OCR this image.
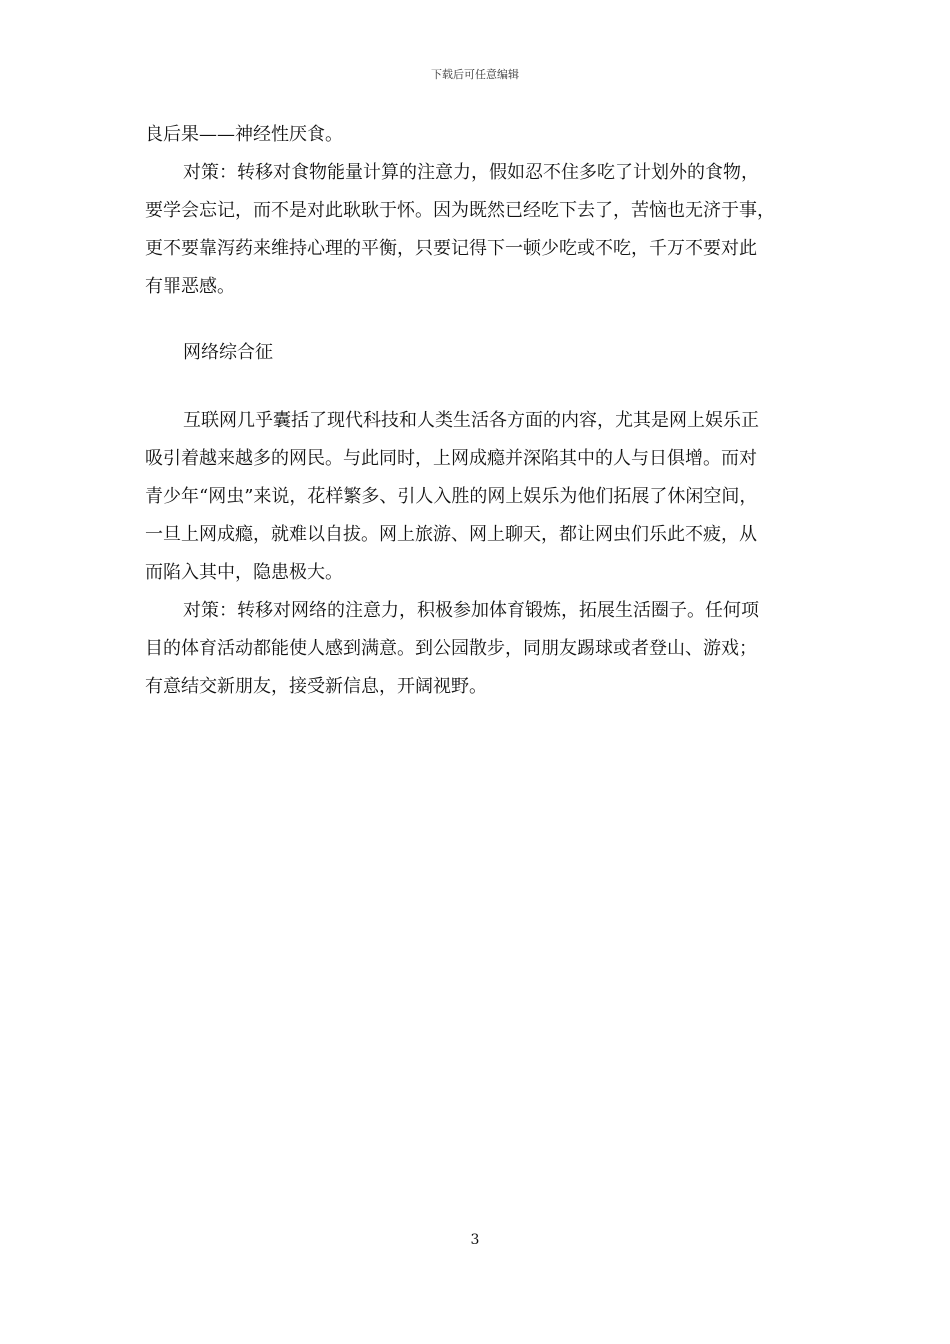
下载后可任意编辑

良后果——神经性厌食。

对策：转移对食物能量计算的注意力，假如忍不住多吃了计划外的食物，
要学会忘记，而不是对此耿耿于怀。因为既然已经吃下去了，苦恼也无济于事，
更不要靠泻药来维持心理的平衡，只要记得下一顿少吃或不吃，千万不要对此
有罪恶感。

网络综合征

互联网几乎囊括了现代科技和人类生活各方面的内容，尤其是网上娱乐正
吸引着越来越多的网民。与此同时，上网成瘾并深陷其中的人与日俱增。而对
青少年“网虫”来说，花样繁多、引人入胜的网上娱乐为他们拓展了休闲空间，
一旦上网成瘾，就难以自拔。网上旅游、网上聊天，都让网虫们乐此不疲，从
而陷入其中，隐患极大。

对策：转移对网络的注意力，积极参加体育锻炼，拓展生活圈子。任何项
目的体育活动都能使人感到满意。到公园散步，同朋友踢球或者登山、游戏；
有意结交新朋友，接受新信息，开阔视野。

3
